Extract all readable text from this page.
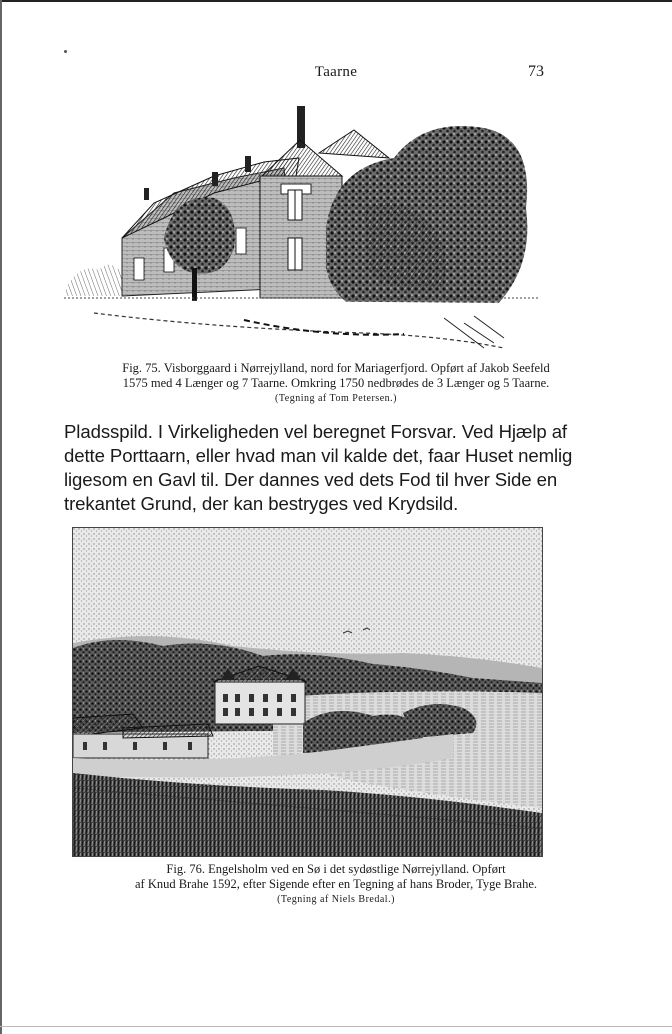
Taarne	73
Fig. 75. Visborggaard i Nørrejylland, nord for Mariagerfjord. Opført af Jakob Seefeld
1575 med 4 Længer og 7 Taarne. Omkring 1750 nedbrødes de 3 Længer og 5 Taarne.
(Tegning af Tom Petersen.)
Pladsspild. I Virkeligheden vel beregnet Forsvar. Ved Hjælp af
dette Porttaarn, eller hvad man vil kalde det, faar Huset nemlig
ligesom en Gavl til. Der dannes ved dets Fod til hver Side en
trekantet Grund, der kan bestryges ved Krydsild.
Fig. 76. Engelsholm ved en Sø i det sydøstlige Nørrejylland. Opført
af Knud Brahe 1592, efter Sigende efter en Tegning af hans Broder, Tyge Brahe.
(Tegning af Niels Bredal.)
